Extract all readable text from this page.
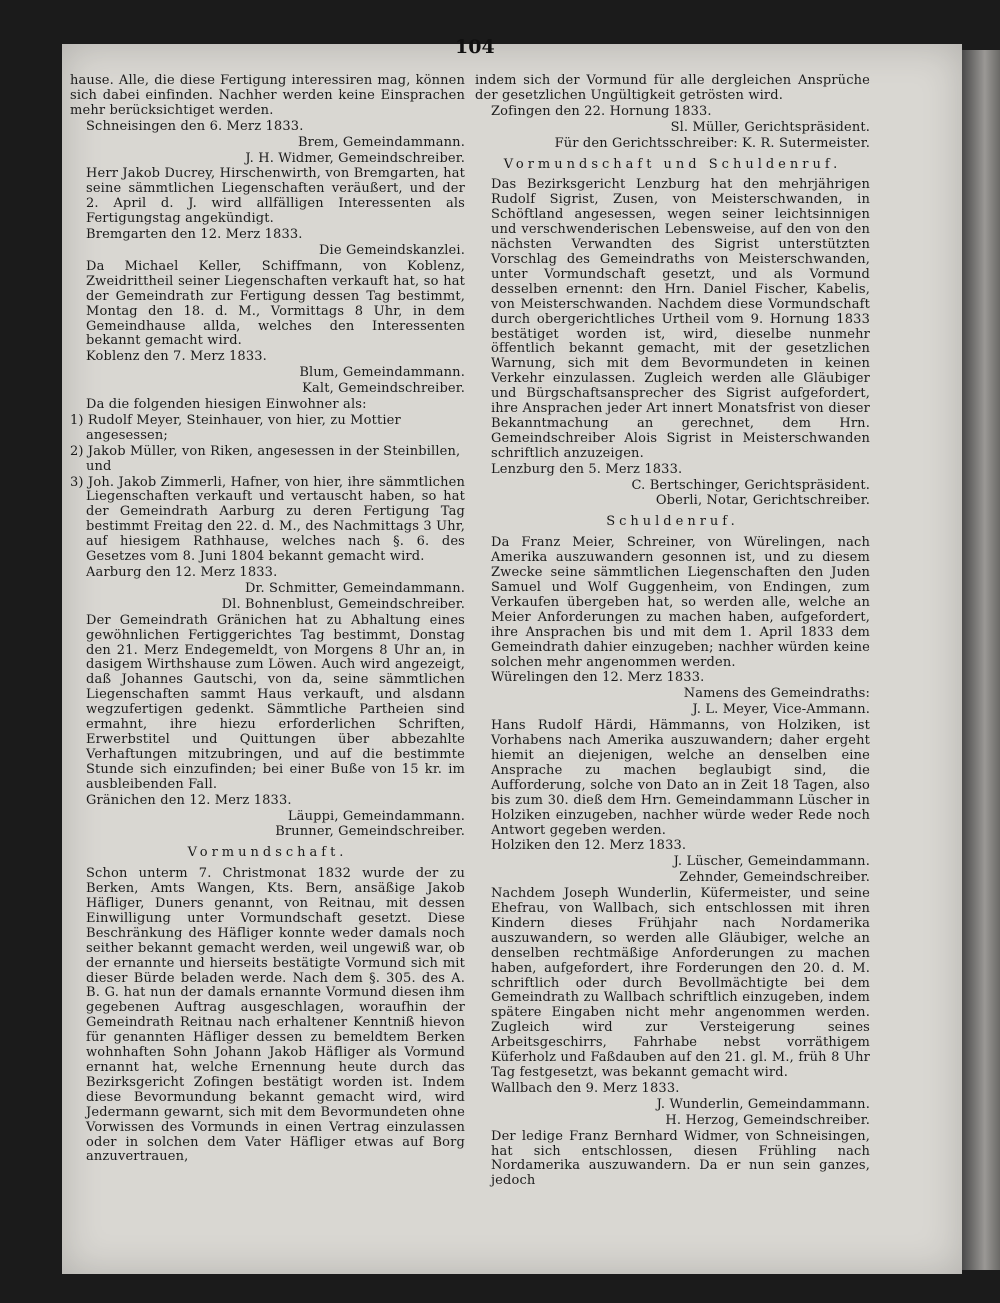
104
hause. Alle, die diese Fertigung interessiren mag, können sich dabei einfinden. Nachher werden keine Einsprachen mehr berücksichtiget werden.
Schneisingen den 6. Merz 1833.
Brem, Gemeindammann.
J. H. Widmer, Gemeindschreiber.
Herr Jakob Ducrey, Hirschenwirth, von Bremgarten, hat seine sämmtlichen Liegenschaften veräußert, und der 2. April d. J. wird allfälligen Interessenten als Fertigungstag angekündigt.
Bremgarten den 12. Merz 1833.
Die Gemeindskanzlei.
Da Michael Keller, Schiffmann, von Koblenz, Zweidrittheil seiner Liegenschaften verkauft hat, so hat der Gemeindrath zur Fertigung dessen Tag bestimmt, Montag den 18. d. M., Vormittags 8 Uhr, in dem Gemeindhause allda, welches den Interessenten bekannt gemacht wird.
Koblenz den 7. Merz 1833.
Blum, Gemeindammann.
Kalt, Gemeindschreiber.
Da die folgenden hiesigen Einwohner als:
1) Rudolf Meyer, Steinhauer, von hier, zu Mottier angesessen;
2) Jakob Müller, von Riken, angesessen in der Steinbillen, und
3) Joh. Jakob Zimmerli, Hafner, von hier, ihre sämmtlichen Liegenschaften verkauft und vertauscht haben, so hat der Gemeindrath Aarburg zu deren Fertigung Tag bestimmt Freitag den 22. d. M., des Nachmittags 3 Uhr, auf hiesigem Rathhause, welches nach §. 6. des Gesetzes vom 8. Juni 1804 bekannt gemacht wird.
Aarburg den 12. Merz 1833.
Dr. Schmitter, Gemeindammann.
Dl. Bohnenblust, Gemeindschreiber.
Der Gemeindrath Gränichen hat zu Abhaltung eines gewöhnlichen Fertiggerichtes Tag bestimmt, Donstag den 21. Merz Endegemeldt, von Morgens 8 Uhr an, in dasigem Wirthshause zum Löwen. Auch wird angezeigt, daß Johannes Gautschi, von da, seine sämmtlichen Liegenschaften sammt Haus verkauft, und alsdann wegzufertigen gedenkt. Sämmtliche Partheien sind ermahnt, ihre hiezu erforderlichen Schriften, Erwerbstitel und Quittungen über abbezahlte Verhaftungen mitzubringen, und auf die bestimmte Stunde sich einzufinden; bei einer Buße von 15 kr. im ausbleibenden Fall.
Gränichen den 12. Merz 1833.
Läuppi, Gemeindammann.
Brunner, Gemeindschreiber.
Vormundschaft.
Schon unterm 7. Christmonat 1832 wurde der zu Berken, Amts Wangen, Kts. Bern, ansäßige Jakob Häfliger, Duners genannt, von Reitnau, mit dessen Einwilligung unter Vormundschaft gesetzt. Diese Beschränkung des Häfliger konnte weder damals noch seither bekannt gemacht werden, weil ungewiß war, ob der ernannte und hierseits bestätigte Vormund sich mit dieser Bürde beladen werde. Nach dem §. 305. des A. B. G. hat nun der damals ernannte Vormund diesen ihm gegebenen Auftrag ausgeschlagen, woraufhin der Gemeindrath Reitnau nach erhaltener Kenntniß hievon für genannten Häfliger dessen zu bemeldtem Berken wohnhaften Sohn Johann Jakob Häfliger als Vormund ernannt hat, welche Ernennung heute durch das Bezirksgericht Zofingen bestätigt worden ist. Indem diese Bevormundung bekannt gemacht wird, wird Jedermann gewarnt, sich mit dem Bevormundeten ohne Vorwissen des Vormunds in einen Vertrag einzulassen oder in solchen dem Vater Häfliger etwas auf Borg anzuvertrauen,
indem sich der Vormund für alle dergleichen Ansprüche der gesetzlichen Ungültigkeit getrösten wird.
Zofingen den 22. Hornung 1833.
Sl. Müller, Gerichtspräsident.
Für den Gerichtsschreiber: K. R. Sutermeister.
Vormundschaft und Schuldenruf.
Das Bezirksgericht Lenzburg hat den mehrjährigen Rudolf Sigrist, Zusen, von Meisterschwanden, in Schöftland angesessen, wegen seiner leichtsinnigen und verschwenderischen Lebensweise, auf den von den nächsten Verwandten des Sigrist unterstützten Vorschlag des Gemeindraths von Meisterschwanden, unter Vormundschaft gesetzt, und als Vormund desselben ernennt: den Hrn. Daniel Fischer, Kabelis, von Meisterschwanden. Nachdem diese Vormundschaft durch obergerichtliches Urtheil vom 9. Hornung 1833 bestätiget worden ist, wird, dieselbe nunmehr öffentlich bekannt gemacht, mit der gesetzlichen Warnung, sich mit dem Bevormundeten in keinen Verkehr einzulassen. Zugleich werden alle Gläubiger und Bürgschaftsansprecher des Sigrist aufgefordert, ihre Ansprachen jeder Art innert Monatsfrist von dieser Bekanntmachung an gerechnet, dem Hrn. Gemeindschreiber Alois Sigrist in Meisterschwanden schriftlich anzuzeigen.
Lenzburg den 5. Merz 1833.
C. Bertschinger, Gerichtspräsident.
Oberli, Notar, Gerichtschreiber.
Schuldenruf.
Da Franz Meier, Schreiner, von Würelingen, nach Amerika auszuwandern gesonnen ist, und zu diesem Zwecke seine sämmtlichen Liegenschaften den Juden Samuel und Wolf Guggenheim, von Endingen, zum Verkaufen übergeben hat, so werden alle, welche an Meier Anforderungen zu machen haben, aufgefordert, ihre Ansprachen bis und mit dem 1. April 1833 dem Gemeindrath dahier einzugeben; nachher würden keine solchen mehr angenommen werden.
Würelingen den 12. Merz 1833.
Namens des Gemeindraths:
J. L. Meyer, Vice-Ammann.
Hans Rudolf Härdi, Hämmanns, von Holziken, ist Vorhabens nach Amerika auszuwandern; daher ergeht hiemit an diejenigen, welche an denselben eine Ansprache zu machen beglaubigt sind, die Aufforderung, solche von Dato an in Zeit 18 Tagen, also bis zum 30. dieß dem Hrn. Gemeindammann Lüscher in Holziken einzugeben, nachher würde weder Rede noch Antwort gegeben werden.
Holziken den 12. Merz 1833.
J. Lüscher, Gemeindammann.
Zehnder, Gemeindschreiber.
Nachdem Joseph Wunderlin, Küfermeister, und seine Ehefrau, von Wallbach, sich entschlossen mit ihren Kindern dieses Frühjahr nach Nordamerika auszuwandern, so werden alle Gläubiger, welche an denselben rechtmäßige Anforderungen zu machen haben, aufgefordert, ihre Forderungen den 20. d. M. schriftlich oder durch Bevollmächtigte bei dem Gemeindrath zu Wallbach schriftlich einzugeben, indem spätere Eingaben nicht mehr angenommen werden. Zugleich wird zur Versteigerung seines Arbeitsgeschirrs, Fahrhabe nebst vorräthigem Küferholz und Faßdauben auf den 21. gl. M., früh 8 Uhr Tag festgesetzt, was bekannt gemacht wird.
Wallbach den 9. Merz 1833.
J. Wunderlin, Gemeindammann.
H. Herzog, Gemeindschreiber.
Der ledige Franz Bernhard Widmer, von Schneisingen, hat sich entschlossen, diesen Frühling nach Nordamerika auszuwandern. Da er nun sein ganzes, jedoch
